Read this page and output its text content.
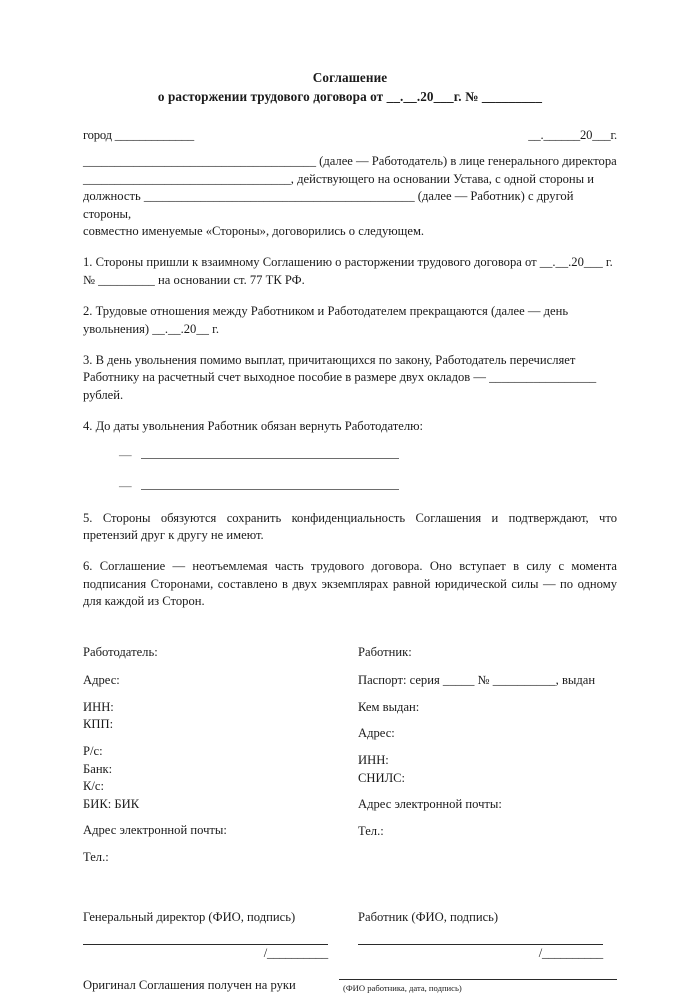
Соглашение
о расторжении трудового договора от __.__.20___г. № _________
город _____________	__.______20___г.
_____________________________________ (далее — Работодатель) в лице генерального директора
_________________________________, действующего на основании Устава, с одной стороны и
должность ___________________________________________ (далее — Работник) с другой стороны,
совместно именуемые «Стороны», договорились о следующем.
1. Стороны пришли к взаимному Соглашению о расторжении трудового договора от __.__.20___ г. № _________ на основании ст. 77 ТК РФ.
2. Трудовые отношения между Работником и Работодателем прекращаются (далее — день увольнения) __.__.20__ г.
3. В день увольнения помимо выплат, причитающихся по закону, Работодатель перечисляет Работнику на расчетный счет выходное пособие в размере двух окладов — _________________ рублей.
4. До даты увольнения Работник обязан вернуть Работодателю:
—
—
5. Стороны обязуются сохранить конфиденциальность Соглашения и подтверждают, что претензий друг к другу не имеют.
6. Соглашение — неотъемлемая часть трудового договора. Оно вступает в силу с момента подписания Сторонами, составлено в двух экземплярах равной юридической силы — по одному для каждой из Сторон.
Работодатель:
Адрес:
ИНН:
КПП:
Р/с:
Банк:
К/с:
БИК: БИК
Адрес электронной почты:
Тел.:
Работник:
Паспорт: серия _____ № __________, выдан
Кем выдан:
Адрес:
ИНН:
СНИЛС:
Адрес электронной почты:
Тел.:
Генеральный директор (ФИО, подпись)
/__________
Работник (ФИО, подпись)
/__________
Оригинал Соглашения получен на руки	(ФИО работника, дата, подпись)
